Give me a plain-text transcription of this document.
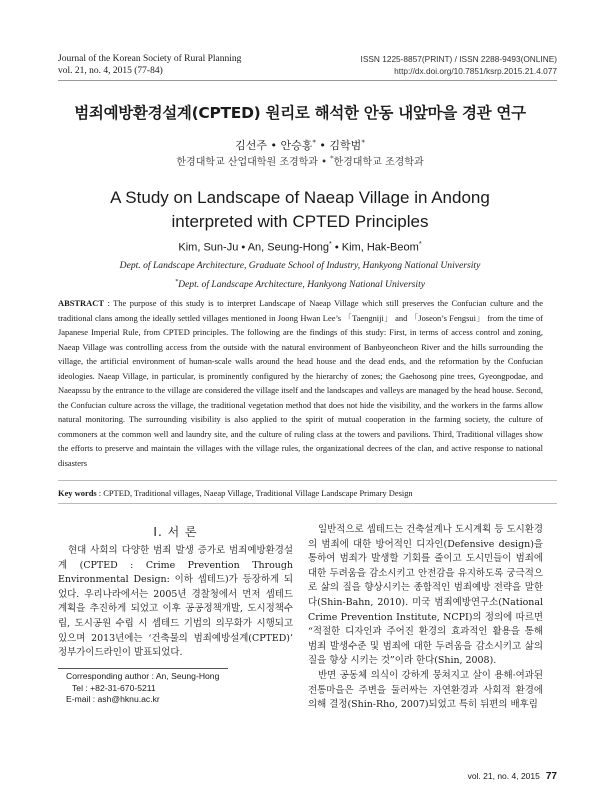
Journal of the Korean Society of Rural Planning
vol. 21, no. 4, 2015 (77-84)
ISSN 1225-8857(PRINT) / ISSN 2288-9493(ONLINE)
http://dx.doi.org/10.7851/ksrp.2015.21.4.077
범죄예방환경설계(CPTED) 원리로 해석한 안동 내앞마을 경관 연구
김선주 • 안승홍* • 김학범*
한경대학교 산업대학원 조경학과 • *한경대학교 조경학과
A Study on Landscape of Naeap Village in Andong
interpreted with CPTED Principles
Kim, Sun-Ju • An, Seung-Hong* • Kim, Hak-Beom*
Dept. of Landscape Architecture, Graduate School of Industry, Hankyong National University
*Dept. of Landscape Architecture, Hankyong National University
ABSTRACT : The purpose of this study is to interpret Landscape of Naeap Village which still preserves the Confucian culture and the traditional clans among the ideally settled villages mentioned in Joong Hwan Lee’s 「Taengniji」 and 「Joseon’s Fengsui」 from the time of Japanese Imperial Rule, from CPTED principles. The following are the findings of this study: First, in terms of access control and zoning, Naeap Village was controlling access from the outside with the natural environment of Banbyeoncheon River and the hills surrounding the village, the artificial environment of human-scale walls around the head house and the dead ends, and the reformation by the Confucian ideologies. Naeap Village, in particular, is prominently configured by the hierarchy of zones; the Gaehosong pine trees, Gyeongpodae, and Naeapssu by the entrance to the village are considered the village itself and the landscapes and valleys are managed by the head house. Second, the Confucian culture across the village, the traditional vegetation method that does not hide the visibility, and the workers in the farms allow natural monitoring. The surrounding visibility is also applied to the spirit of mutual cooperation in the farming society, the culture of commoners at the common well and laundry site, and the culture of ruling class at the towers and pavilions. Third, Traditional villages show the efforts to preserve and maintain the villages with the village rules, the organizational decrees of the clan, and active response to national disasters
Key words : CPTED, Traditional villages, Naeap Village, Traditional Village Landscape Primary Design
Ⅰ. 서 론

현대 사회의 다양한 범죄 발생 증가로 범죄예방환경설계 (CPTED : Crime Prevention Through Environmental Design: 이하 셉테드)가 등장하게 되었다. 우리나라에서는 2005년 경찰청에서 먼저 셉테드 계획을 추진하게 되었고 이후 공공정책개발, 도시정책수립, 도시공원 수립 시 셉테드 기법의 의무화가 시행되고 있으며 2013년에는 ‘건축물의 범죄예방설계(CPTED)’ 정부가이드라인이 발표되었다.

일반적으로 셉테드는 건축설계나 도시계획 등 도시환경의 범죄에 대한 방어적인 디자인(Defensive design)을 통하여 범죄가 발생할 기회를 줄이고 도시민들이 범죄에 대한 두려움을 감소시키고 안전감을 유지하도록 궁극적으로 삶의 질을 향상시키는 종합적인 범죄예방 전략을 말한다(Shin-Bahn, 2010). 미국 범죄예방연구소(National Crime Prevention Institute, NCPI)의 정의에 따르면 “적절한 디자인과 주어진 환경의 효과적인 활용을 통해 범죄 발생수준 및 범죄에 대한 두려움을 감소시키고 삶의 질을 향상 시키는 것”이라 한다(Shin, 2008).

반면 공동체 의식이 강하게 뭉쳐지고 살이 용해·여과된 전통마을은 주변을 둘러싸는 자연환경과 사회적 환경에 의해 결정(Shin-Rho, 2007)되었고 특히 뒤편의 배후림

Corresponding author : An, Seung-Hong
Tel : +82-31-670-5211
E-mail : ash@hknu.ac.kr
vol. 21, no. 4, 2015 77
